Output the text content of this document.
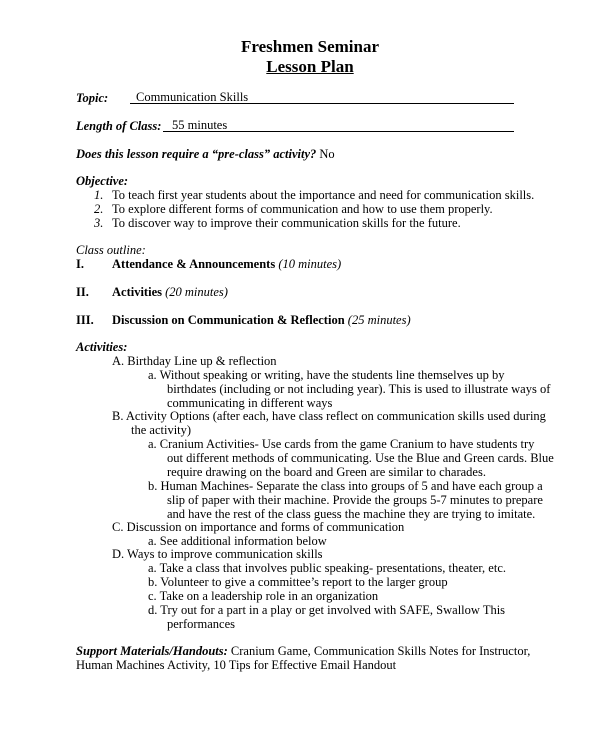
Freshmen Seminar
Lesson Plan
Topic: Communication Skills
Length of Class: 55 minutes
Does this lesson require a “pre-class” activity? No
Objective:
1. To teach first year students about the importance and need for communication skills.
2. To explore different forms of communication and how to use them properly.
3. To discover way to improve their communication skills for the future.
Class outline:
I. Attendance & Announcements (10 minutes)
II. Activities (20 minutes)
III. Discussion on Communication & Reflection (25 minutes)
Activities:
A. Birthday Line up & reflection
a. Without speaking or writing, have the students line themselves up by
birthdates (including or not including year). This is used to illustrate ways of
communicating in different ways
B. Activity Options (after each, have class reflect on communication skills used during
the activity)
a. Cranium Activities- Use cards from the game Cranium to have students try
out different methods of communicating. Use the Blue and Green cards. Blue
require drawing on the board and Green are similar to charades.
b. Human Machines- Separate the class into groups of 5 and have each group a
slip of paper with their machine. Provide the groups 5-7 minutes to prepare
and have the rest of the class guess the machine they are trying to imitate.
C. Discussion on importance and forms of communication
a. See additional information below
D. Ways to improve communication skills
a. Take a class that involves public speaking- presentations, theater, etc.
b. Volunteer to give a committee’s report to the larger group
c. Take on a leadership role in an organization
d. Try out for a part in a play or get involved with SAFE, Swallow This
performances
Support Materials/Handouts: Cranium Game, Communication Skills Notes for Instructor,
Human Machines Activity, 10 Tips for Effective Email Handout
